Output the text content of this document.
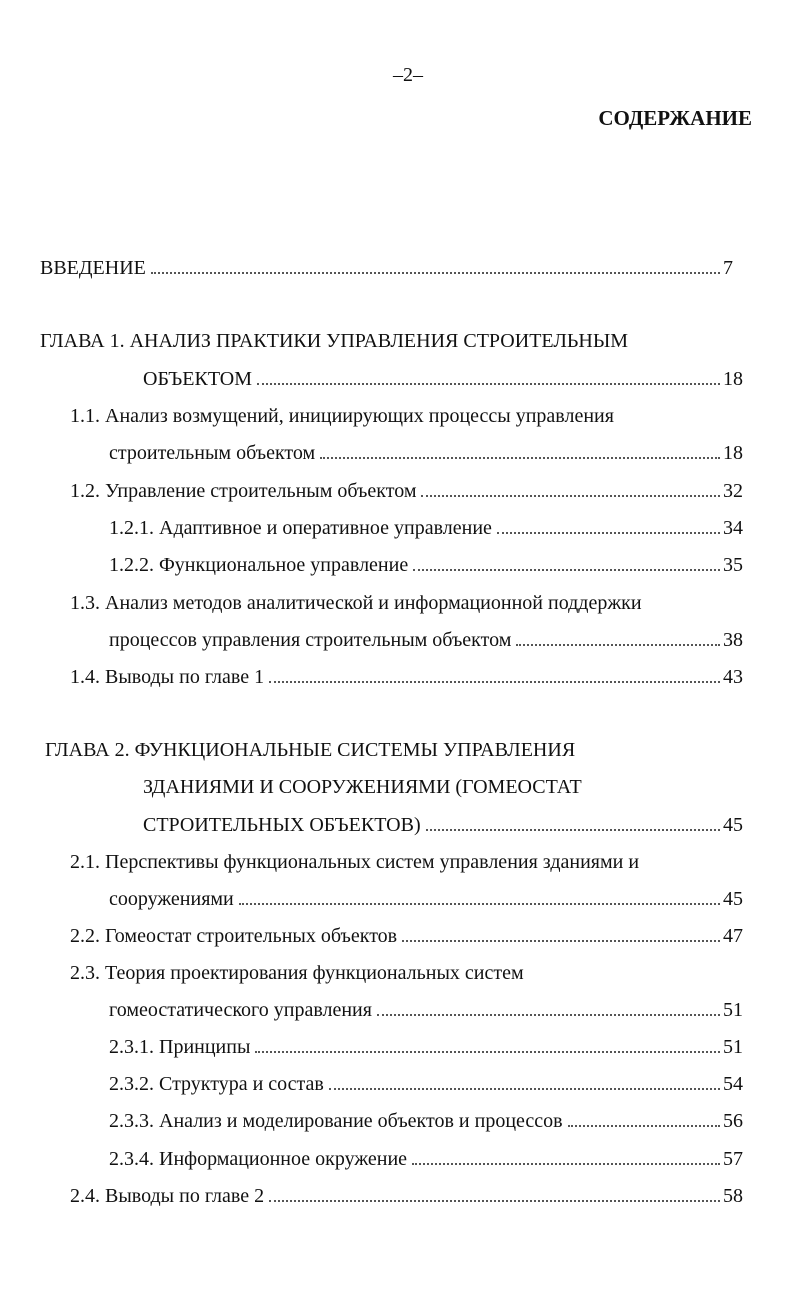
–2–
СОДЕРЖАНИЕ
ВВЕДЕНИЕ	7
ГЛАВА 1. АНАЛИЗ ПРАКТИКИ УПРАВЛЕНИЯ СТРОИТЕЛЬНЫМ
ОБЪЕКТОМ	18
1.1. Анализ возмущений, инициирующих процессы управления
строительным объектом	18
1.2. Управление строительным объектом	32
1.2.1. Адаптивное и оперативное управление	34
1.2.2. Функциональное управление	35
1.3. Анализ методов аналитической и информационной поддержки
процессов управления строительным объектом	38
1.4. Выводы по главе 1	43
ГЛАВА 2. ФУНКЦИОНАЛЬНЫЕ СИСТЕМЫ УПРАВЛЕНИЯ
ЗДАНИЯМИ И СООРУЖЕНИЯМИ (ГОМЕОСТАТ
СТРОИТЕЛЬНЫХ ОБЪЕКТОВ)	45
2.1. Перспективы функциональных систем управления зданиями и
сооружениями	45
2.2. Гомеостат строительных объектов	47
2.3. Теория проектирования функциональных систем
гомеостатического управления	51
2.3.1. Принципы	51
2.3.2. Структура и состав	54
2.3.3. Анализ и моделирование объектов и процессов	56
2.3.4. Информационное окружение	57
2.4. Выводы по главе 2	58
